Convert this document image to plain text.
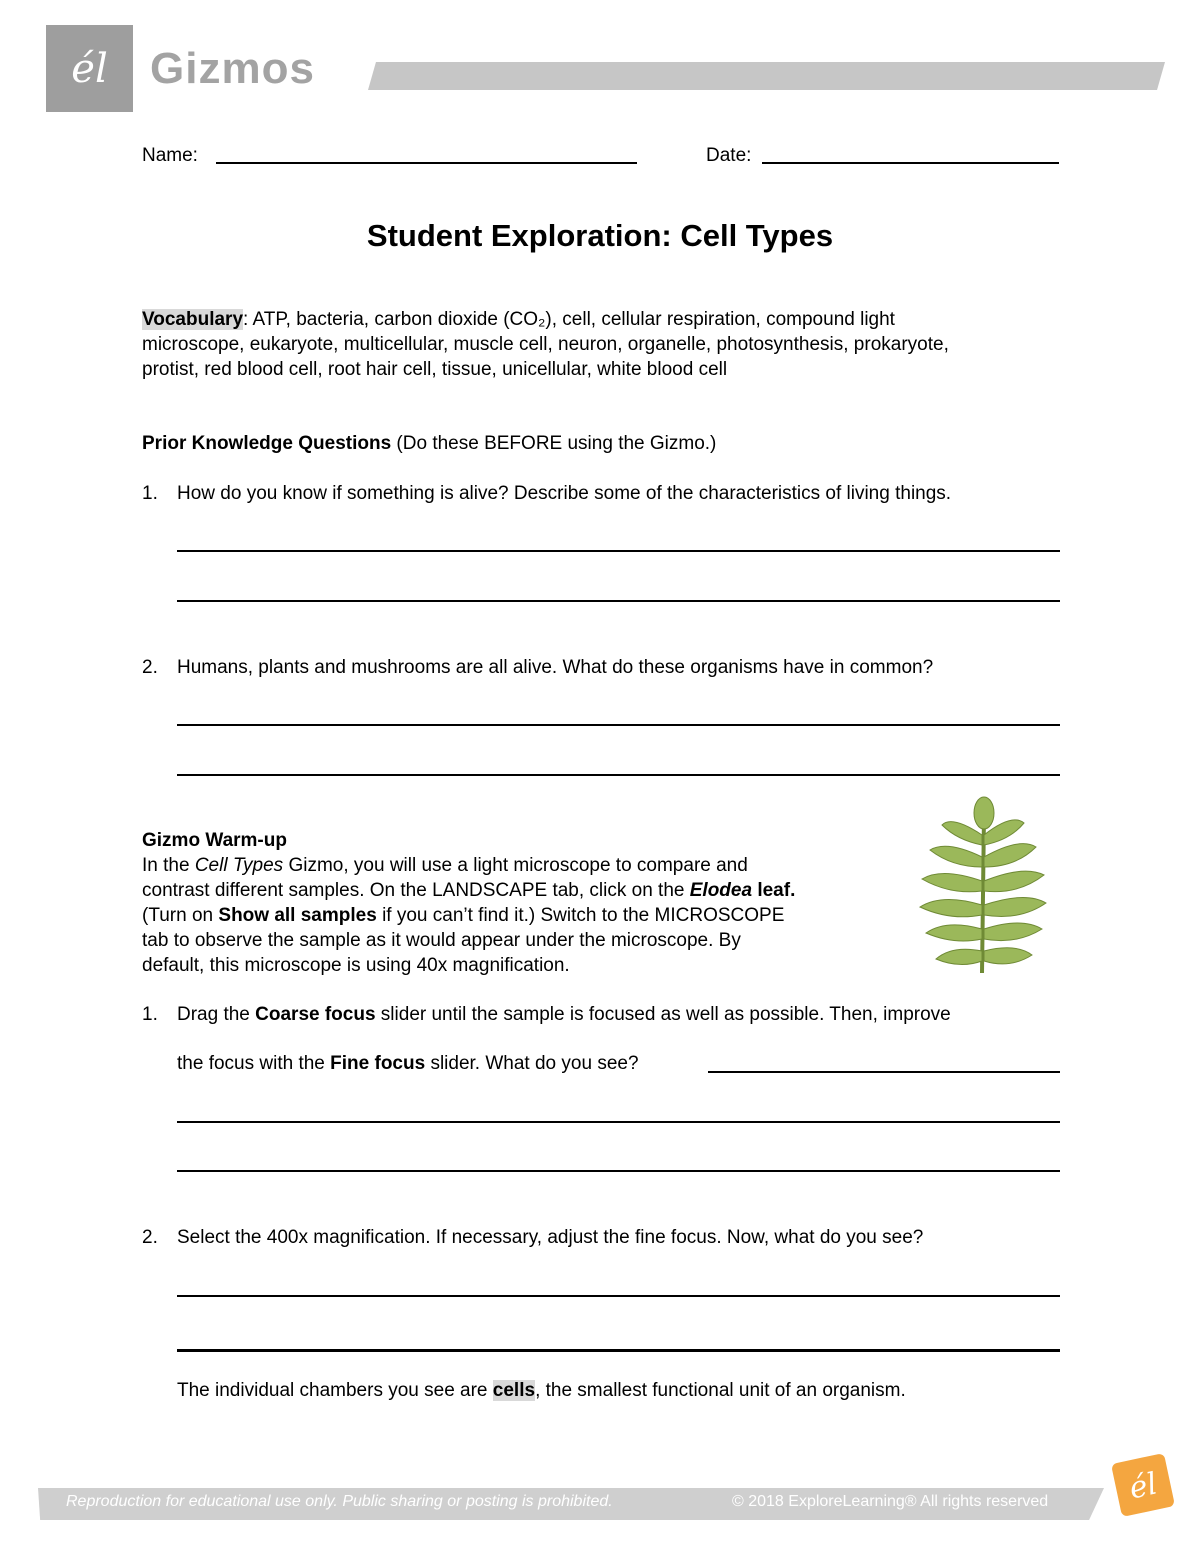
él Gizmos
Name:	Date:
Student Exploration: Cell Types
Vocabulary: ATP, bacteria, carbon dioxide (CO₂), cell, cellular respiration, compound light
microscope, eukaryote, multicellular, muscle cell, neuron, organelle, photosynthesis, prokaryote,
protist, red blood cell, root hair cell, tissue, unicellular, white blood cell
Prior Knowledge Questions (Do these BEFORE using the Gizmo.)
1. How do you know if something is alive? Describe some of the characteristics of living things.
2. Humans, plants and mushrooms are all alive. What do these organisms have in common?
Gizmo Warm-up
In the Cell Types Gizmo, you will use a light microscope to compare and
contrast different samples. On the LANDSCAPE tab, click on the Elodea leaf.
(Turn on Show all samples if you can’t find it.) Switch to the MICROSCOPE
tab to observe the sample as it would appear under the microscope. By
default, this microscope is using 40x magnification.
1. Drag the Coarse focus slider until the sample is focused as well as possible. Then, improve
the focus with the Fine focus slider. What do you see?
2. Select the 400x magnification. If necessary, adjust the fine focus. Now, what do you see?
The individual chambers you see are cells, the smallest functional unit of an organism.
Reproduction for educational use only. Public sharing or posting is prohibited.	© 2018 ExploreLearning® All rights reserved	él
